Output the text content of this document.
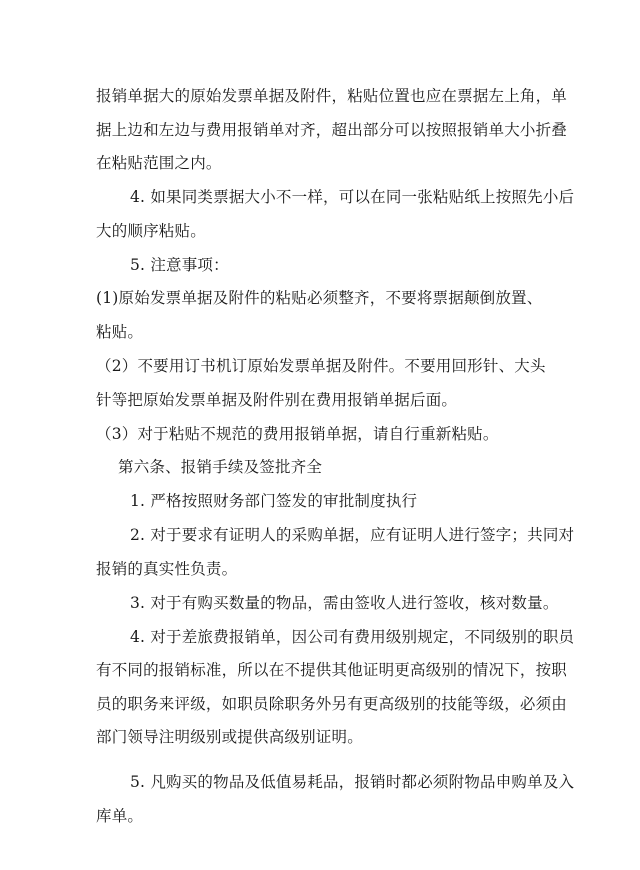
报销单据大的原始发票单据及附件，粘贴位置也应在票据左上角，单
据上边和左边与费用报销单对齐，超出部分可以按照报销单大小折叠
在粘贴范围之内。
4. 如果同类票据大小不一样，可以在同一张粘贴纸上按照先小后
大的顺序粘贴。
5. 注意事项：
(1)原始发票单据及附件的粘贴必须整齐，不要将票据颠倒放置、
粘贴。
（2）不要用订书机订原始发票单据及附件。不要用回形针、大头
针等把原始发票单据及附件别在费用报销单据后面。
（3）对于粘贴不规范的费用报销单据，请自行重新粘贴。
第六条、报销手续及签批齐全
1. 严格按照财务部门签发的审批制度执行
2. 对于要求有证明人的采购单据，应有证明人进行签字；共同对
报销的真实性负责。
3. 对于有购买数量的物品，需由签收人进行签收，核对数量。
4. 对于差旅费报销单，因公司有费用级别规定，不同级别的职员
有不同的报销标准，所以在不提供其他证明更高级别的情况下，按职
员的职务来评级，如职员除职务外另有更高级别的技能等级，必须由
部门领导注明级别或提供高级别证明。
5. 凡购买的物品及低值易耗品，报销时都必须附物品申购单及入
库单。
